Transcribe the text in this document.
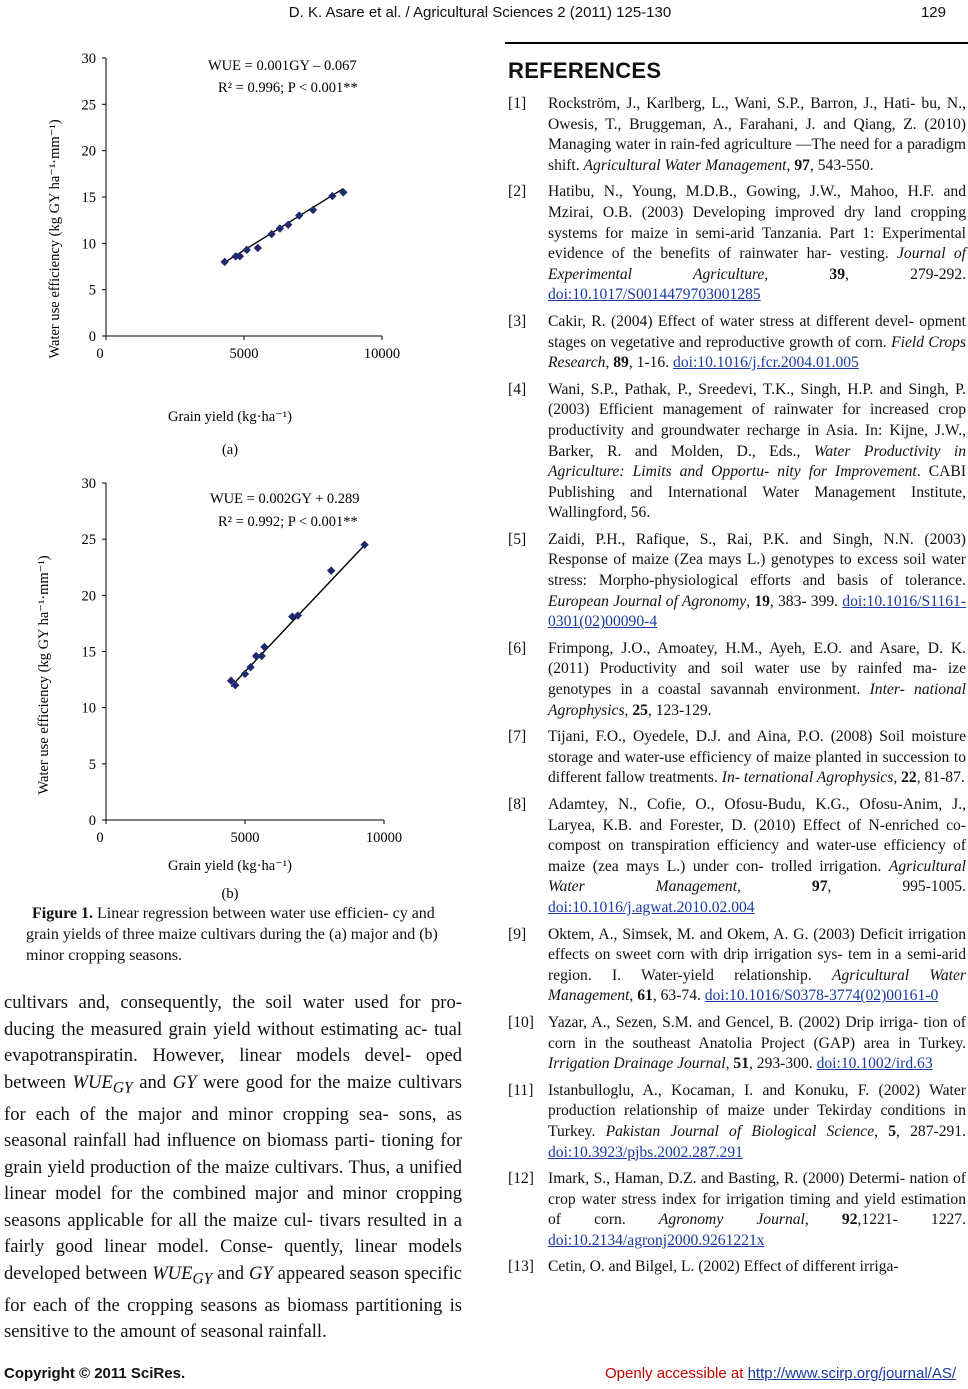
D. K. Asare et al. / Agricultural Sciences 2 (2011) 125-130	129
0
5
10
15
20
25
30
0	5000	10000
WUE = 0.001GY – 0.067
R² = 0.996; P < 0.001**
Grain yield (kg·ha⁻¹)
Water use efficiency (kg GY ha⁻¹·mm⁻¹)
(a)
0
5
10
15
20
25
30
0	5000	10000
WUE = 0.002GY + 0.289
R² = 0.992; P < 0.001**
Grain yield (kg·ha⁻¹)
Water use efficiency (kg GY ha⁻¹·mm⁻¹)
(b)
Figure 1. Linear regression between water use efficien- cy and grain yields of three maize cultivars during the (a) major and (b) minor cropping seasons.

cultivars and, consequently, the soil water used for pro- ducing the measured grain yield without estimating ac- tual evapotranspiratin. However, linear models devel- oped between $WUE_{GY}$ and GY were good for the maize cultivars for each of the major and minor cropping sea- sons, as seasonal rainfall had influence on biomass parti- tioning for grain yield production of the maize cultivars. Thus, a unified linear model for the combined major and minor cropping seasons applicable for all the maize cul- tivars resulted in a fairly good linear model. Conse- quently, linear models developed between $WUE_{GY}$ and GY appeared season specific for each of the cropping seasons as biomass partitioning is sensitive to the amount of seasonal rainfall.

REFERENCES
[1] Rockström, J., Karlberg, L., Wani, S.P., Barron, J., Hati- bu, N., Owesis, T., Bruggeman, A., Farahani, J. and Qiang, Z. (2010) Managing water in rain-fed agriculture —The need for a paradigm shift. Agricultural Water Management, 97, 543-550.
[2] Hatibu, N., Young, M.D.B., Gowing, J.W., Mahoo, H.F. and Mzirai, O.B. (2003) Developing improved dry land cropping systems for maize in semi-arid Tanzania. Part 1: Experimental evidence of the benefits of rainwater har- vesting. Journal of Experimental Agriculture, 39, 279-292. doi:10.1017/S0014479703001285
[3] Cakir, R. (2004) Effect of water stress at different devel- opment stages on vegetative and reproductive growth of corn. Field Crops Research, 89, 1-16. doi:10.1016/j.fcr.2004.01.005
[4] Wani, S.P., Pathak, P., Sreedevi, T.K., Singh, H.P. and Singh, P. (2003) Efficient management of rainwater for increased crop productivity and groundwater recharge in Asia. In: Kijne, J.W., Barker, R. and Molden, D., Eds., Water Productivity in Agriculture: Limits and Opportu- nity for Improvement. CABI Publishing and International Water Management Institute, Wallingford, 56.
[5] Zaidi, P.H., Rafique, S., Rai, P.K. and Singh, N.N. (2003) Response of maize (Zea mays L.) genotypes to excess soil water stress: Morpho-physiological efforts and basis of tolerance. European Journal of Agronomy, 19, 383- 399. doi:10.1016/S1161-0301(02)00090-4
[6] Frimpong, J.O., Amoatey, H.M., Ayeh, E.O. and Asare, D. K. (2011) Productivity and soil water use by rainfed ma- ize genotypes in a coastal savannah environment. Inter- national Agrophysics, 25, 123-129.
[7] Tijani, F.O., Oyedele, D.J. and Aina, P.O. (2008) Soil moisture storage and water-use efficiency of maize planted in succession to different fallow treatments. In- ternational Agrophysics, 22, 81-87.
[8] Adamtey, N., Cofie, O., Ofosu-Budu, K.G., Ofosu-Anim, J., Laryea, K.B. and Forester, D. (2010) Effect of N-enriched co-compost on transpiration efficiency and water-use efficiency of maize (zea mays L.) under con- trolled irrigation. Agricultural Water Management, 97, 995-1005. doi:10.1016/j.agwat.2010.02.004
[9] Oktem, A., Simsek, M. and Okem, A. G. (2003) Deficit irrigation effects on sweet corn with drip irrigation sys- tem in a semi-arid region. I. Water-yield relationship. Agricultural Water Management, 61, 63-74. doi:10.1016/S0378-3774(02)00161-0
[10] Yazar, A., Sezen, S.M. and Gencel, B. (2002) Drip irriga- tion of corn in the southeast Anatolia Project (GAP) area in Turkey. Irrigation Drainage Journal, 51, 293-300. doi:10.1002/ird.63
[11] Istanbulloglu, A., Kocaman, I. and Konuku, F. (2002) Water production relationship of maize under Tekirday conditions in Turkey. Pakistan Journal of Biological Science, 5, 287-291. doi:10.3923/pjbs.2002.287.291
[12] Imark, S., Haman, D.Z. and Basting, R. (2000) Determi- nation of crop water stress index for irrigation timing and yield estimation of corn. Agronomy Journal, 92,1221- 1227. doi:10.2134/agronj2000.9261221x
[13] Cetin, O. and Bilgel, L. (2002) Effect of different irriga-
Copyright © 2011 SciRes.	Openly accessible at http://www.scirp.org/journal/AS/
